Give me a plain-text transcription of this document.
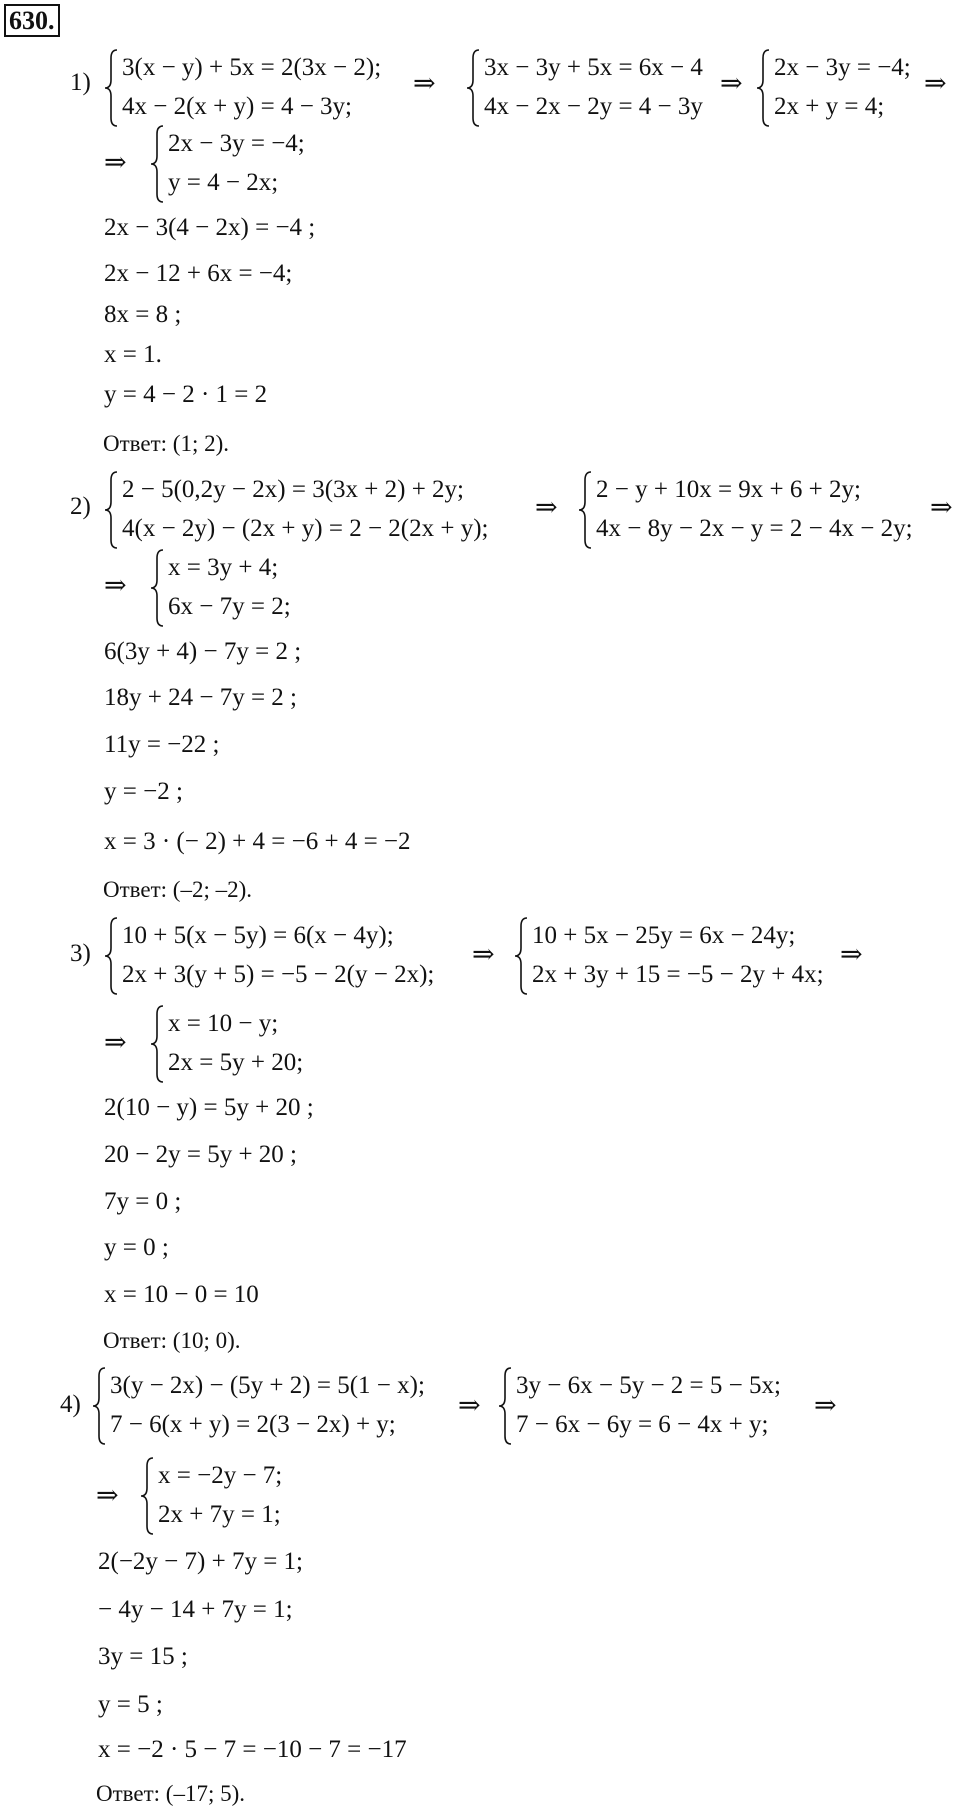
630.
1)
3(x − y) + 5x = 2(3x − 2);
4x − 2(x + y) = 4 − 3y;
⇒
3x − 3y + 5x = 6x − 4
4x − 2x − 2y = 4 − 3y
⇒
2x − 3y = −4;
2x + y = 4;
⇒
⇒
2x − 3y = −4;
y = 4 − 2x;
2x − 3(4 − 2x) = −4 ;
2x − 12 + 6x = −4;
8x = 8 ;
x = 1.
y = 4 − 2 · 1 = 2
Ответ: (1; 2).
2)
2 − 5(0,2y − 2x) = 3(3x + 2) + 2y;
4(x − 2y) − (2x + y) = 2 − 2(2x + y);
⇒
2 − y + 10x = 9x + 6 + 2y;
4x − 8y − 2x − y = 2 − 4x − 2y;
⇒
⇒
x = 3y + 4;
6x − 7y = 2;
6(3y + 4) − 7y = 2 ;
18y + 24 − 7y = 2 ;
11y = −22 ;
y = −2 ;
x = 3 · (− 2) + 4 = −6 + 4 = −2
Ответ: (–2; –2).
3)
10 + 5(x − 5y) = 6(x − 4y);
2x + 3(y + 5) = −5 − 2(y − 2x);
⇒
10 + 5x − 25y = 6x − 24y;
2x + 3y + 15 = −5 − 2y + 4x;
⇒
⇒
x = 10 − y;
2x = 5y + 20;
2(10 − y) = 5y + 20 ;
20 − 2y = 5y + 20 ;
7y = 0 ;
y = 0 ;
x = 10 − 0 = 10
Ответ: (10; 0).
4)
3(y − 2x) − (5y + 2) = 5(1 − x);
7 − 6(x + y) = 2(3 − 2x) + y;
⇒
3y − 6x − 5y − 2 = 5 − 5x;
7 − 6x − 6y = 6 − 4x + y;
⇒
⇒
x = −2y − 7;
2x + 7y = 1;
2(−2y − 7) + 7y = 1;
− 4y − 14 + 7y = 1;
3y = 15 ;
y = 5 ;
x = −2 · 5 − 7 = −10 − 7 = −17
Ответ: (–17; 5).
